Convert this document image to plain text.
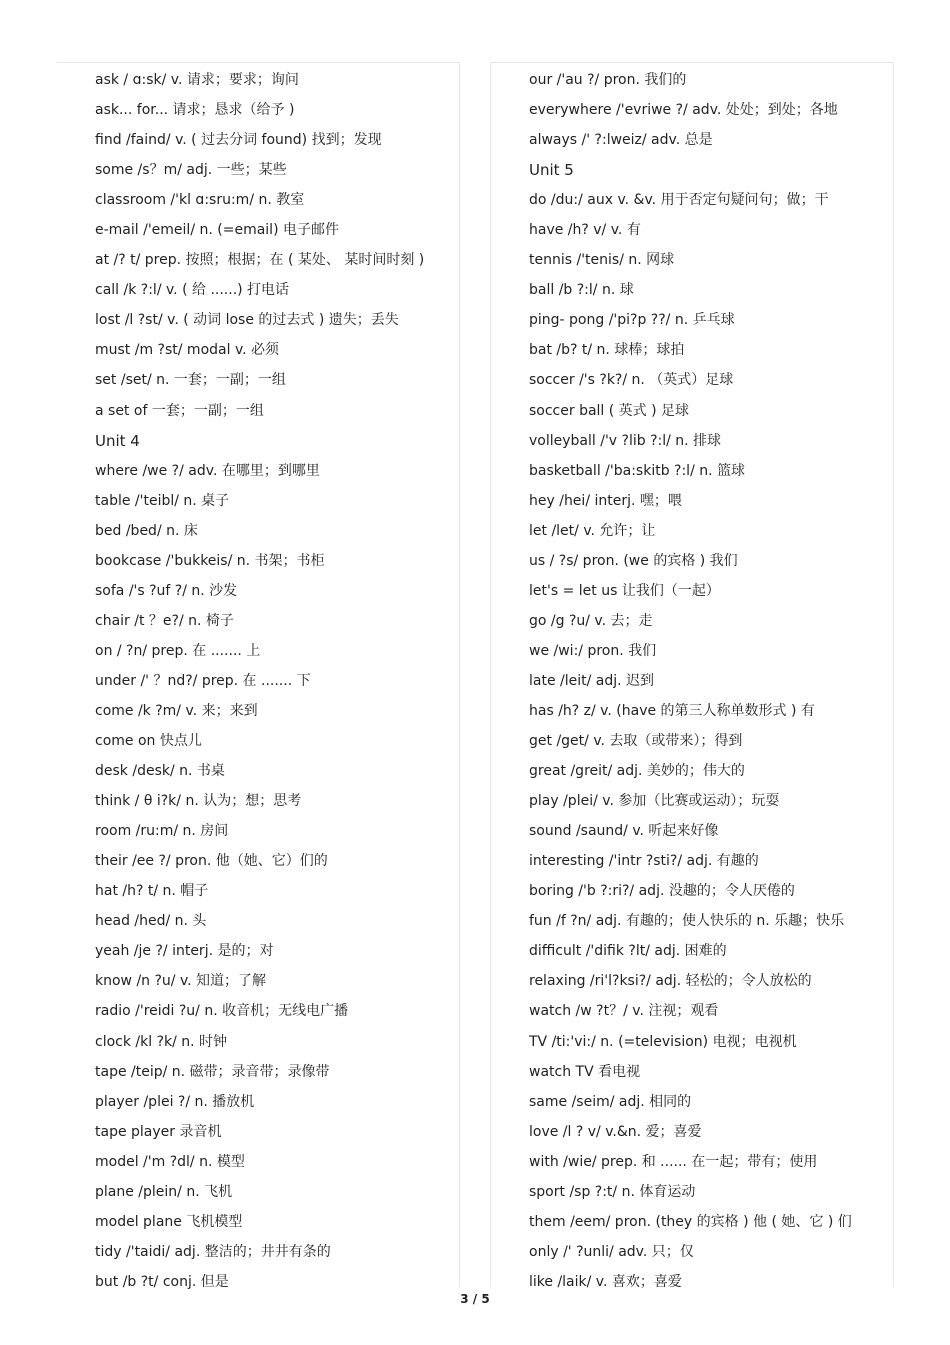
ask / ɑ:sk/ v. 请求；要求；询问
ask... for... 请求；恳求（给予 )
find /faind/ v. ( 过去分词 found) 找到；发现
some /s？m/ adj. 一些；某些
classroom /'kl ɑ:sru:m/ n. 教室
e-mail /'emeil/ n. (=email) 电子邮件
at /? t/ prep. 按照；根据；在 ( 某处、 某时间时刻 )
call /k ?:l/ v. ( 给 ......) 打电话
lost /l ?st/ v. ( 动词 lose 的过去式 ) 遗失；丢失
must /m ?st/ modal v. 必须
set /set/ n. 一套；一副；一组
a set of 一套；一副；一组
Unit 4
where /we ?/ adv. 在哪里；到哪里
table /'teibl/ n. 桌子
bed /bed/ n. 床
bookcase /'bukkeis/ n. 书架；书柜
sofa /'s ?uf ?/ n. 沙发
chair /t ？e?/ n. 椅子
on / ?n/ prep. 在 ....... 上
under /' ？nd?/ prep. 在 ....... 下
come /k ?m/ v. 来；来到
come on 快点儿
desk /desk/ n. 书桌
think / θ i?k/ n. 认为；想；思考
room /ru:m/ n. 房间
their /ee ?/ pron. 他（她、它）们的
hat /h? t/ n. 帽子
head /hed/ n. 头
yeah /je ?/ interj. 是的；对
know /n ?u/ v. 知道；了解
radio /'reidi ?u/ n. 收音机；无线电广播
clock /kl ?k/ n. 时钟
tape /teip/ n. 磁带；录音带；录像带
player /plei ?/ n. 播放机
tape player 录音机
model /'m ?dl/ n. 模型
plane /plein/ n. 飞机
model plane 飞机模型
tidy /'taidi/ adj. 整洁的；井井有条的
but /b ?t/ conj. 但是
our /'au ?/ pron. 我们的
everywhere /'evriwe ?/ adv. 处处；到处；各地
always /' ?:lweiz/ adv. 总是
Unit 5
do /du:/ aux v. &v. 用于否定句疑问句；做；干
have /h? v/ v. 有
tennis /'tenis/ n. 网球
ball /b ?:l/ n. 球
ping- pong /'pi?p ??/ n. 乒乓球
bat /b? t/ n. 球棒；球拍
soccer /'s ?k?/ n. （英式）足球
soccer ball ( 英式 ) 足球
volleyball /'v ?lib ?:l/ n. 排球
basketball /'ba:skitb ?:l/ n. 篮球
hey /hei/ interj. 嘿；喂
let /let/ v. 允许；让
us / ?s/ pron. (we 的宾格 ) 我们
let's = let us 让我们（一起）
go /g ?u/ v. 去；走
we /wi:/ pron. 我们
late /leit/ adj. 迟到
has /h? z/ v. (have 的第三人称单数形式 ) 有
get /get/ v. 去取（或带来）；得到
great /greit/ adj. 美妙的；伟大的
play /plei/ v. 参加（比赛或运动）；玩耍
sound /saund/ v. 听起来好像
interesting /'intr ?sti?/ adj. 有趣的
boring /'b ?:ri?/ adj. 没趣的；令人厌倦的
fun /f ?n/ adj. 有趣的；使人快乐的 n. 乐趣；快乐
difficult /'difik ?lt/ adj. 困难的
relaxing /ri'l?ksi?/ adj. 轻松的；令人放松的
watch /w ?t？/ v. 注视；观看
TV /ti:'vi:/ n. (=television) 电视；电视机
watch TV 看电视
same /seim/ adj. 相同的
love /l ? v/ v.&n. 爱；喜爱
with /wie/ prep. 和 ...... 在一起；带有；使用
sport /sp ?:t/ n. 体育运动
them /eem/ pron. (they 的宾格 ) 他 ( 她、它 ) 们
only /' ?unli/ adv. 只；仅
like /laik/ v. 喜欢；喜爱
3 / 5
